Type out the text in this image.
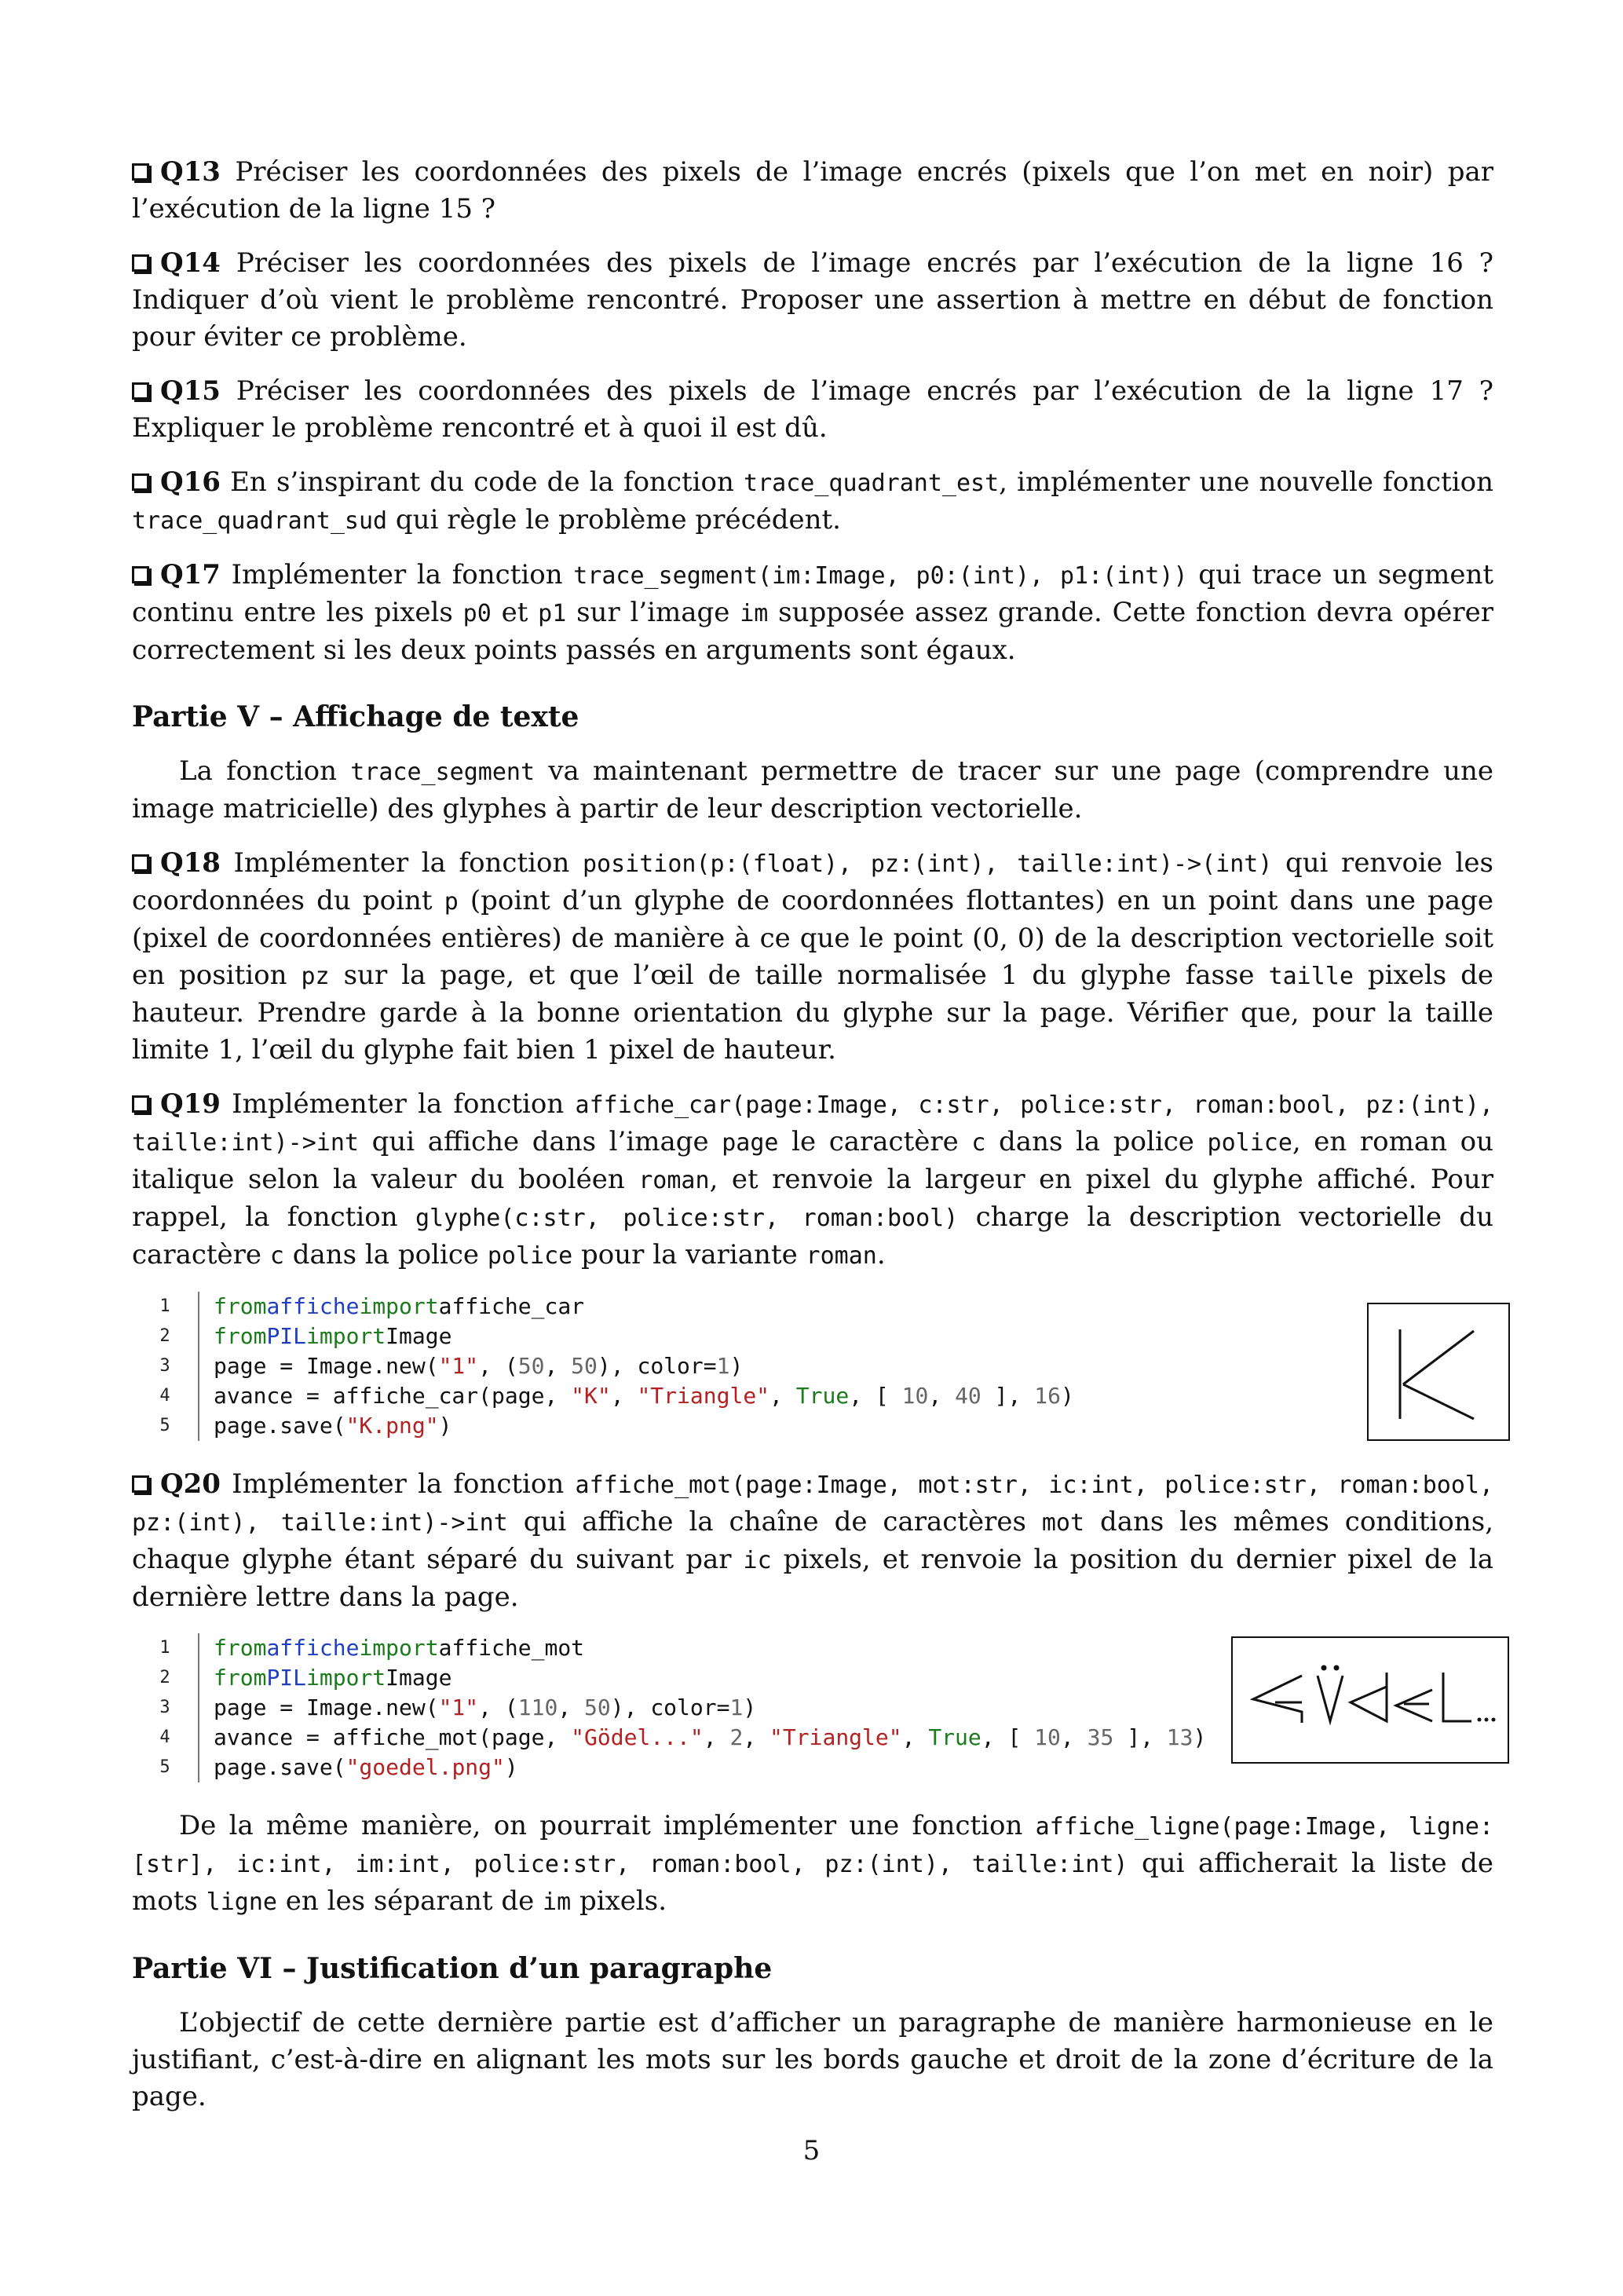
Q13 Préciser les coordonnées des pixels de l’image encrés (pixels que l’on met en noir) par l’exécution de la ligne 15 ?

Q14 Préciser les coordonnées des pixels de l’image encrés par l’exécution de la ligne 16 ? Indiquer d’où vient le problème rencontré. Proposer une assertion à mettre en début de fonction pour éviter ce problème.

Q15 Préciser les coordonnées des pixels de l’image encrés par l’exécution de la ligne 17 ? Expliquer le problème rencontré et à quoi il est dû.

Q16 En s’inspirant du code de la fonction trace_quadrant_est, implémenter une nouvelle fonction trace_quadrant_sud qui règle le problème précédent.

Q17 Implémenter la fonction trace_segment(im:Image, p0:(int), p1:(int)) qui trace un segment continu entre les pixels p0 et p1 sur l’image im supposée assez grande. Cette fonction devra opérer correctement si les deux points passés en arguments sont égaux.

Partie V – Affichage de texte

La fonction trace_segment va maintenant permettre de tracer sur une page (comprendre une image matricielle) des glyphes à partir de leur description vectorielle.

Q18 Implémenter la fonction position(p:(float), pz:(int), taille:int)->(int) qui renvoie les coordonnées du point p (point d’un glyphe de coordonnées flottantes) en un point dans une page (pixel de coordonnées entières) de manière à ce que le point (0, 0) de la description vectorielle soit en position pz sur la page, et que l’œil de taille normalisée 1 du glyphe fasse taille pixels de hauteur. Prendre garde à la bonne orientation du glyphe sur la page. Vérifier que, pour la taille limite 1, l’œil du glyphe fait bien 1 pixel de hauteur.

Q19 Implémenter la fonction affiche_car(page:Image, c:str, police:str, roman:bool, pz:(int), taille:int)->int qui affiche dans l’image page le caractère c dans la police police, en roman ou italique selon la valeur du booléen roman, et renvoie la largeur en pixel du glyphe affiché. Pour rappel, la fonction glyphe(c:str, police:str, roman:bool) charge la description vectorielle du caractère c dans la police police pour la variante roman.

1	from affiche import affiche_car
2	from PIL import Image
3	page = Image.new( "1" , ( 50 , 50 ), color= 1 )
4	avance = affiche_car(page, "K" , "Triangle" , True , [ 10 , 40 ], 16 )
5	page.save( "K.png" )

Q20 Implémenter la fonction affiche_mot(page:Image, mot:str, ic:int, police:str, roman:bool, pz:(int), taille:int)->int qui affiche la chaîne de caractères mot dans les mêmes conditions, chaque glyphe étant séparé du suivant par ic pixels, et renvoie la position du dernier pixel de la dernière lettre dans la page.

1	from affiche import affiche_mot
2	from PIL import Image
3	page = Image.new( "1" , ( 110 , 50 ), color= 1 )
4	avance = affiche_mot(page, "Gödel..." , 2 , "Triangle" , True , [ 10 , 35 ], 13 )
5	page.save( "goedel.png" )

De la même manière, on pourrait implémenter une fonction affiche_ligne(page:Image, ligne:[str], ic:int, im:int, police:str, roman:bool, pz:(int), taille:int) qui afficherait la liste de mots ligne en les séparant de im pixels.

Partie VI – Justification d’un paragraphe

L’objectif de cette dernière partie est d’afficher un paragraphe de manière harmonieuse en le justifiant, c’est-à-dire en alignant les mots sur les bords gauche et droit de la zone d’écriture de la page.

5
